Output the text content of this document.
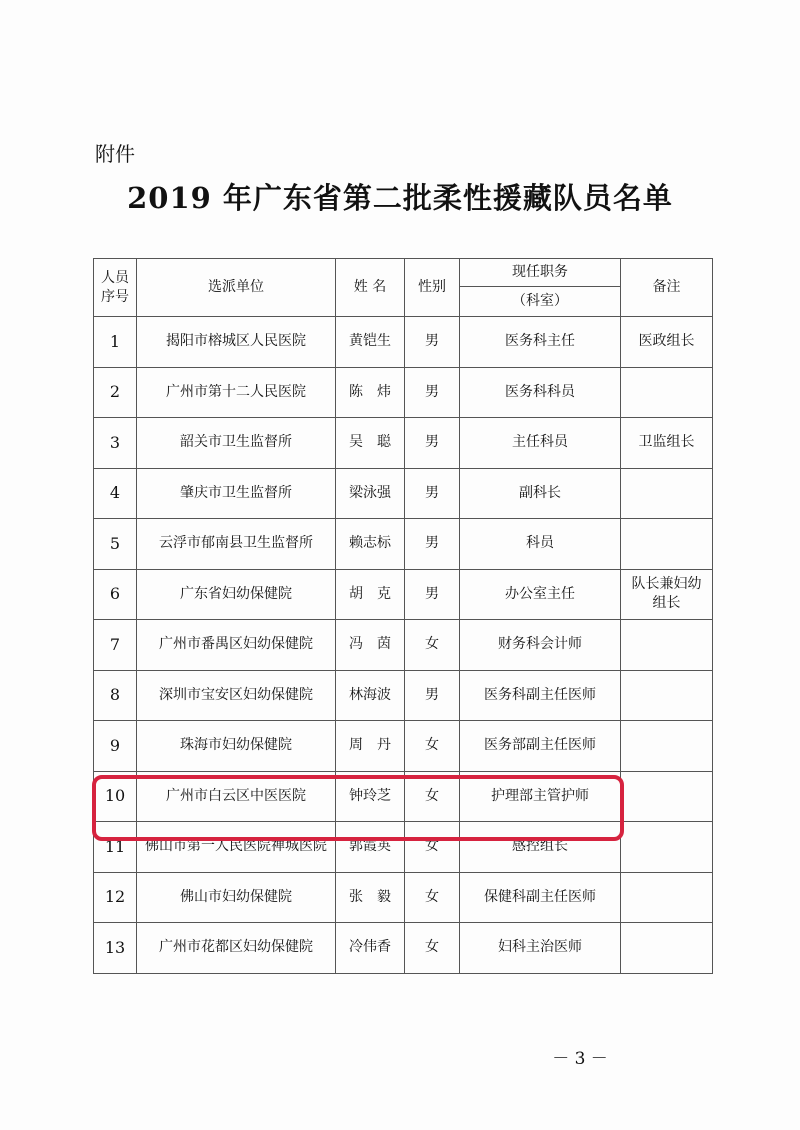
附件
2019 年广东省第二批柔性援藏队员名单
人员
序号	选派单位	姓 名	性别	现任职务	备注
				（科室）	
1	揭阳市榕城区人民医院	黄铠生	男	医务科主任	医政组长
2	广州市第十二人民医院	陈　炜	男	医务科科员	
3	韶关市卫生监督所	吴　聪	男	主任科员	卫监组长
4	肇庆市卫生监督所	梁泳强	男	副科长	
5	云浮市郁南县卫生监督所	赖志标	男	科员	
6	广东省妇幼保健院	胡　克	男	办公室主任	队长兼妇幼
组长
7	广州市番禺区妇幼保健院	冯　茵	女	财务科会计师	
8	深圳市宝安区妇幼保健院	林海波	男	医务科副主任医师	
9	珠海市妇幼保健院	周　丹	女	医务部副主任医师	
10	广州市白云区中医医院	钟玲芝	女	护理部主管护师	
11	佛山市第一人民医院禅城医院	郭霞英	女	感控组长	
12	佛山市妇幼保健院	张　毅	女	保健科副主任医师	
13	广州市花都区妇幼保健院	冷伟香	女	妇科主治医师	
－ 3 －
